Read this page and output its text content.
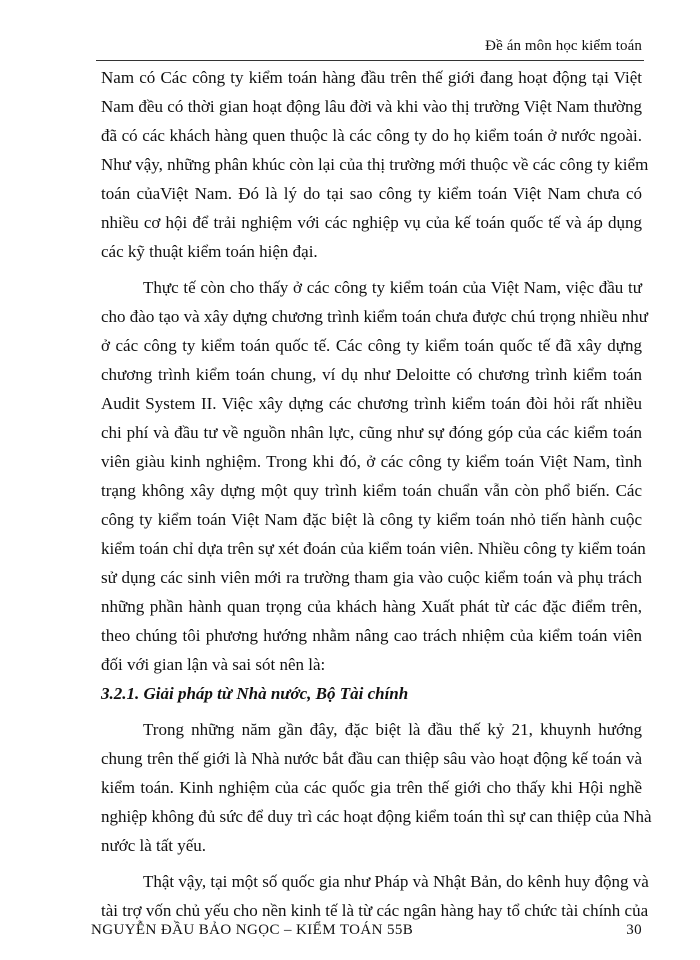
Đề án môn học kiểm toán
Nam có Các công ty kiểm toán hàng đầu trên thế giới đang hoạt động tại Việt
Nam đều có thời gian hoạt động lâu đời và khi vào thị trường Việt Nam thường
đã có các khách hàng quen thuộc là các công ty do họ kiểm toán ở nước ngoài.
Như vậy, những phân khúc còn lại của thị trường mới thuộc về các công ty kiểm
toán củaViệt Nam. Đó là lý do tại sao công ty kiểm toán Việt Nam chưa có
nhiều cơ hội để trải nghiệm với các nghiệp vụ của kế toán quốc tế và áp dụng
các kỹ thuật kiểm toán hiện đại.
Thực tế còn cho thấy ở các công ty kiểm toán của Việt Nam, việc đầu tư
cho đào tạo và xây dựng chương trình kiểm toán chưa được chú trọng nhiều như
ở các công ty kiểm toán quốc tế. Các công ty kiểm toán quốc tế đã xây dựng
chương trình kiểm toán chung, ví dụ như Deloitte có chương trình kiểm toán
Audit System II. Việc xây dựng các chương trình kiểm toán đòi hỏi rất nhiều
chi phí và đầu tư về nguồn nhân lực, cũng như sự đóng góp của các kiểm toán
viên giàu kinh nghiệm. Trong khi đó, ở các công ty kiểm toán Việt Nam, tình
trạng không xây dựng một quy trình kiểm toán chuẩn vẫn còn phổ biến. Các
công ty kiểm toán Việt Nam đặc biệt là công ty kiểm toán nhỏ tiến hành cuộc
kiểm toán chỉ dựa trên sự xét đoán của kiểm toán viên. Nhiều công ty kiểm toán
sử dụng các sinh viên mới ra trường tham gia vào cuộc kiểm toán và phụ trách
những phần hành quan trọng của khách hàng Xuất phát từ các đặc điểm trên,
theo chúng tôi phương hướng nhằm nâng cao trách nhiệm của kiểm toán viên
đối với gian lận và sai sót nên là:
3.2.1. Giải pháp từ Nhà nước, Bộ Tài chính
Trong những năm gần đây, đặc biệt là đầu thế kỷ 21, khuynh hướng
chung trên thế giới là Nhà nước bắt đầu can thiệp sâu vào hoạt động kế toán và
kiểm toán. Kinh nghiệm của các quốc gia trên thế giới cho thấy khi Hội nghề
nghiệp không đủ sức để duy trì các hoạt động kiểm toán thì sự can thiệp của Nhà
nước là tất yếu.
Thật vậy, tại một số quốc gia như Pháp và Nhật Bản, do kênh huy động và
tài trợ vốn chủ yếu cho nền kinh tế là từ các ngân hàng hay tổ chức tài chính của
NGUYỄN ĐẦU BẢO NGỌC – KIỂM TOÁN 55B	30
